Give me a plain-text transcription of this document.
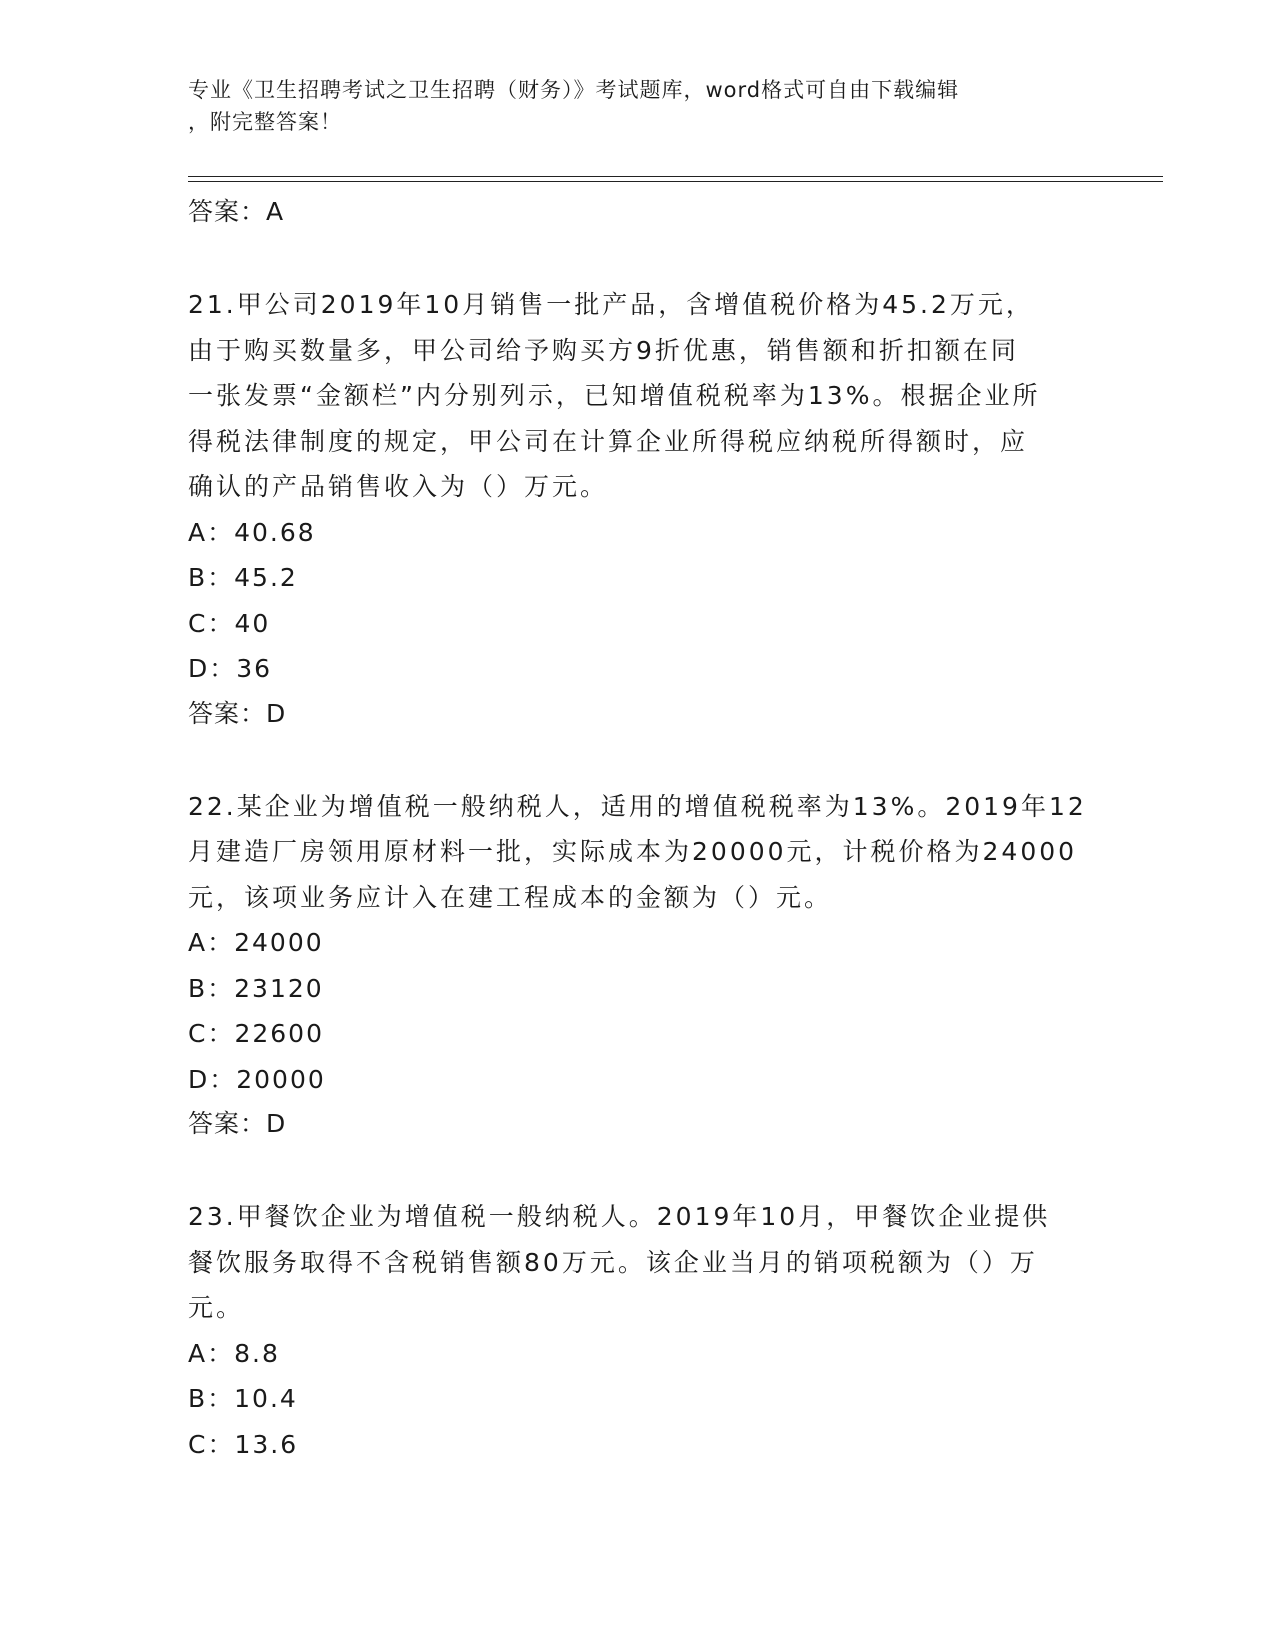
专业《卫生招聘考试之卫生招聘（财务）》考试题库，word格式可自由下载编辑
，附完整答案！

答案：A

21.甲公司2019年10月销售一批产品，含增值税价格为45.2万元，

由于购买数量多，甲公司给予购买方9折优惠，销售额和折扣额在同

一张发票“金额栏”内分别列示，已知增值税税率为13%。根据企业所

得税法律制度的规定，甲公司在计算企业所得税应纳税所得额时，应

确认的产品销售收入为（）万元。

A：40.68

B：45.2

C：40

D：36

答案：D

22.某企业为增值税一般纳税人，适用的增值税税率为13%。2019年12

月建造厂房领用原材料一批，实际成本为20000元，计税价格为24000

元，该项业务应计入在建工程成本的金额为（）元。

A：24000

B：23120

C：22600

D：20000

答案：D

23.甲餐饮企业为增值税一般纳税人。2019年10月，甲餐饮企业提供

餐饮服务取得不含税销售额80万元。该企业当月的销项税额为（）万

元。

A：8.8

B：10.4

C：13.6
